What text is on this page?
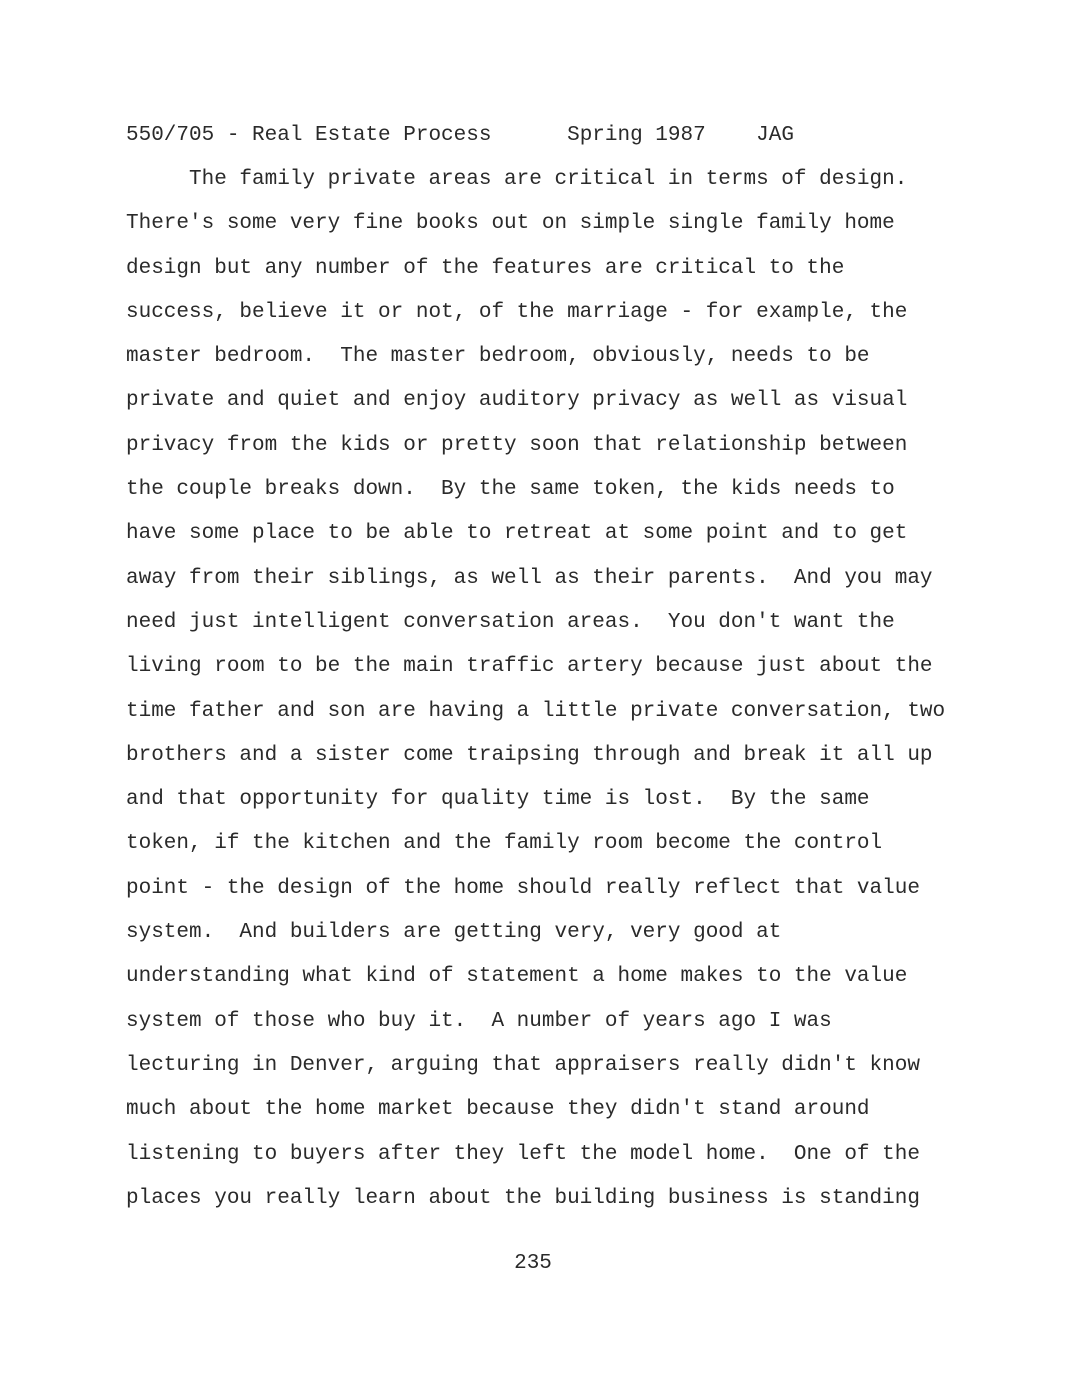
550/705 - Real Estate Process	Spring 1987 JAG
The family private areas are critical in terms of design.
There's some very fine books out on simple single family home
design but any number of the features are critical to the
success, believe it or not, of the marriage - for example, the
master bedroom.  The master bedroom, obviously, needs to be
private and quiet and enjoy auditory privacy as well as visual
privacy from the kids or pretty soon that relationship between
the couple breaks down.  By the same token, the kids needs to
have some place to be able to retreat at some point and to get
away from their siblings, as well as their parents.  And you may
need just intelligent conversation areas.  You don't want the
living room to be the main traffic artery because just about the
time father and son are having a little private conversation, two
brothers and a sister come traipsing through and break it all up
and that opportunity for quality time is lost.  By the same
token, if the kitchen and the family room become the control
point - the design of the home should really reflect that value
system.  And builders are getting very, very good at
understanding what kind of statement a home makes to the value
system of those who buy it.  A number of years ago I was
lecturing in Denver, arguing that appraisers really didn't know
much about the home market because they didn't stand around
listening to buyers after they left the model home.  One of the
places you really learn about the building business is standing
235
